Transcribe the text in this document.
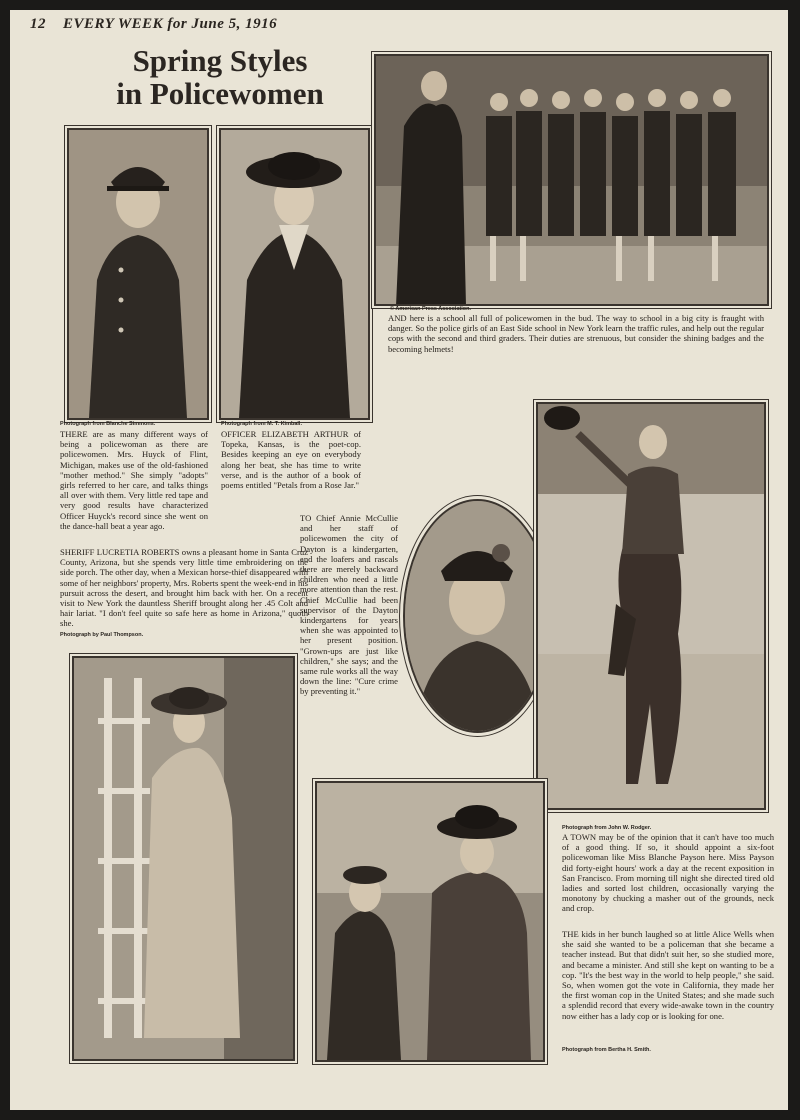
12 EVERY WEEK for June 5, 1916
Spring Styles
in Policewomen
© American Press Association.

AND here is a school all full of policewomen in the bud. The way to school in a big city is fraught with danger. So the police girls of an East Side school in New York learn the traffic rules, and help out the regular cops with the second and third graders. Their duties are strenuous, but consider the shining badges and the becoming helmets!

Photograph from Blanche Simmons.	Photograph from M. T. Kimball.

THERE are as many different ways of being a policewoman as there are policewomen. Mrs. Huyck of Flint, Michigan, makes use of the old-fashioned "mother method." She simply "adopts" girls referred to her care, and talks things all over with them. Very little red tape and very good results have characterized Officer Huyck's record since she went on the dance-hall beat a year ago.

OFFICER ELIZABETH ARTHUR of Topeka, Kansas, is the poet-cop. Besides keeping an eye on everybody along her beat, she has time to write verse, and is the author of a book of poems entitled "Petals from a Rose Jar."

SHERIFF LUCRETIA ROBERTS owns a pleasant home in Santa Cruz County, Arizona, but she spends very little time embroidering on the side porch. The other day, when a Mexican horse-thief disappeared with some of her neighbors' property, Mrs. Roberts spent the week-end in his pursuit across the desert, and brought him back with her. On a recent visit to New York the dauntless Sheriff brought along her .45 Colt and hair lariat. "I don't feel quite so safe here as home in Arizona," quoth she.

Photograph by Paul Thompson.

TO Chief Annie McCullie and her staff of policewomen the city of Dayton is a kindergarten, and the loafers and rascals there are merely backward children who need a little more attention than the rest. Chief McCullie had been supervisor of the Dayton kindergartens for years when she was appointed to her present position. "Grown-ups are just like children," she says; and the same rule works all the way down the line: "Cure crime by preventing it."

Photograph from John W. Rodger.

A TOWN may be of the opinion that it can't have too much of a good thing. If so, it should appoint a six-foot policewoman like Miss Blanche Payson here. Miss Payson did forty-eight hours' work a day at the recent exposition in San Francisco. From morning till night she directed tired old ladies and sorted lost children, occasionally varying the monotony by chucking a masher out of the grounds, neck and crop.

THE kids in her bunch laughed so at little Alice Wells when she said she wanted to be a policeman that she became a teacher instead. But that didn't suit her, so she studied more, and became a minister. And still she kept on wanting to be a cop. "It's the best way in the world to help people," she said. So, when women got the vote in California, they made her the first woman cop in the United States; and she made such a splendid record that every wide-awake town in the country now either has a lady cop or is looking for one.

Photograph from Bertha H. Smith.
